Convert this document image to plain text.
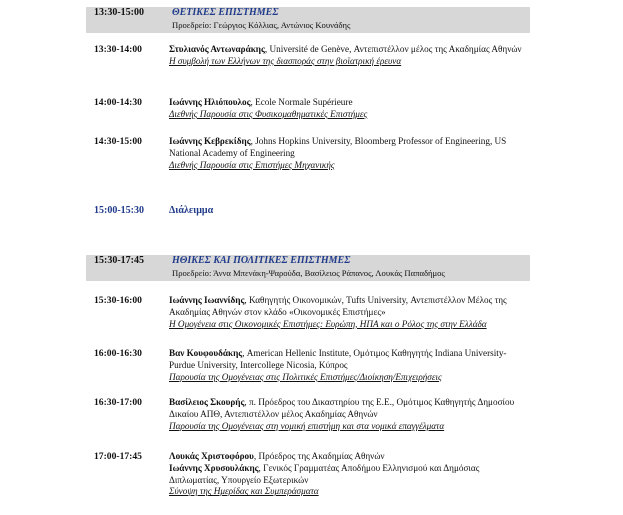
13:30-15:00	ΘΕΤΙΚΕΣ ΕΠΙΣΤΗΜΕΣ
Προεδρείο: Γεώργιος Κόλλιας, Αντώνιος Κουνάδης
13:30-14:00	Στυλιανός Αντωναράκης, Université de Genève, Αντεπιστέλλον μέλος της Ακαδημίας Αθηνών
Η συμβολή των Ελλήνων της διασποράς στην βιοϊατρική έρευνα
14:00-14:30	Ιωάννης Ηλιόπουλος, Ecole Normale Supérieure
Διεθνής Παρουσία στις Φυσικομαθηματικές Επιστήμες
14:30-15:00	Ιωάννης Κεβρεκίδης, Johns Hopkins University, Bloomberg Professor of Engineering, US National Academy of Engineering
Διεθνής Παρουσία στις Επιστήμες Μηχανικής
15:00-15:30	Διάλειμμα
15:30-17:45	ΗΘΙΚΕΣ ΚΑΙ ΠΟΛΙΤΙΚΕΣ ΕΠΙΣΤΗΜΕΣ
Προεδρείο: Άννα Μπενάκη-Ψαρούδα, Βασίλειος Ράπανος, Λουκάς Παπαδήμος
15:30-16:00	Ιωάννης Ιωαννίδης, Καθηγητής Οικονομικών, Tufts University, Αντεπιστέλλον Μέλος της Ακαδημίας Αθηνών στον κλάδο «Οικονομικές Επιστήμες»
Η Ομογένεια στις Οικονομικές Επιστήμες: Ευρώπη, ΗΠΑ και ο Ρόλος της στην Ελλάδα
16:00-16:30	Βαν Κουφουδάκης, American Hellenic Institute, Ομότιμος Καθηγητής Indiana University-Purdue University, Intercollege Nicosia, Κύπρος
Παρουσία της Ομογένειας στις Πολιτικές Επιστήμες/Διοίκηση/Επιχειρήσεις
16:30-17:00	Βασίλειος Σκουρής, π. Πρόεδρος του Δικαστηρίου της Ε.Ε., Ομότιμος Καθηγητής Δημοσίου Δικαίου ΑΠΘ, Αντεπιστέλλον μέλος Ακαδημίας Αθηνών
Παρουσία της Ομογένειας στη νομική επιστήμη και στα νομικά επαγγέλματα
17:00-17:45	Λουκάς Χριστοφόρου, Πρόεδρος της Ακαδημίας Αθηνών
Ιωάννης Χρυσουλάκης, Γενικός Γραμματέας Αποδήμου Ελληνισμού και Δημόσιας Διπλωματίας, Υπουργείο Εξωτερικών
Σύνοψη της Ημερίδας και Συμπεράσματα
